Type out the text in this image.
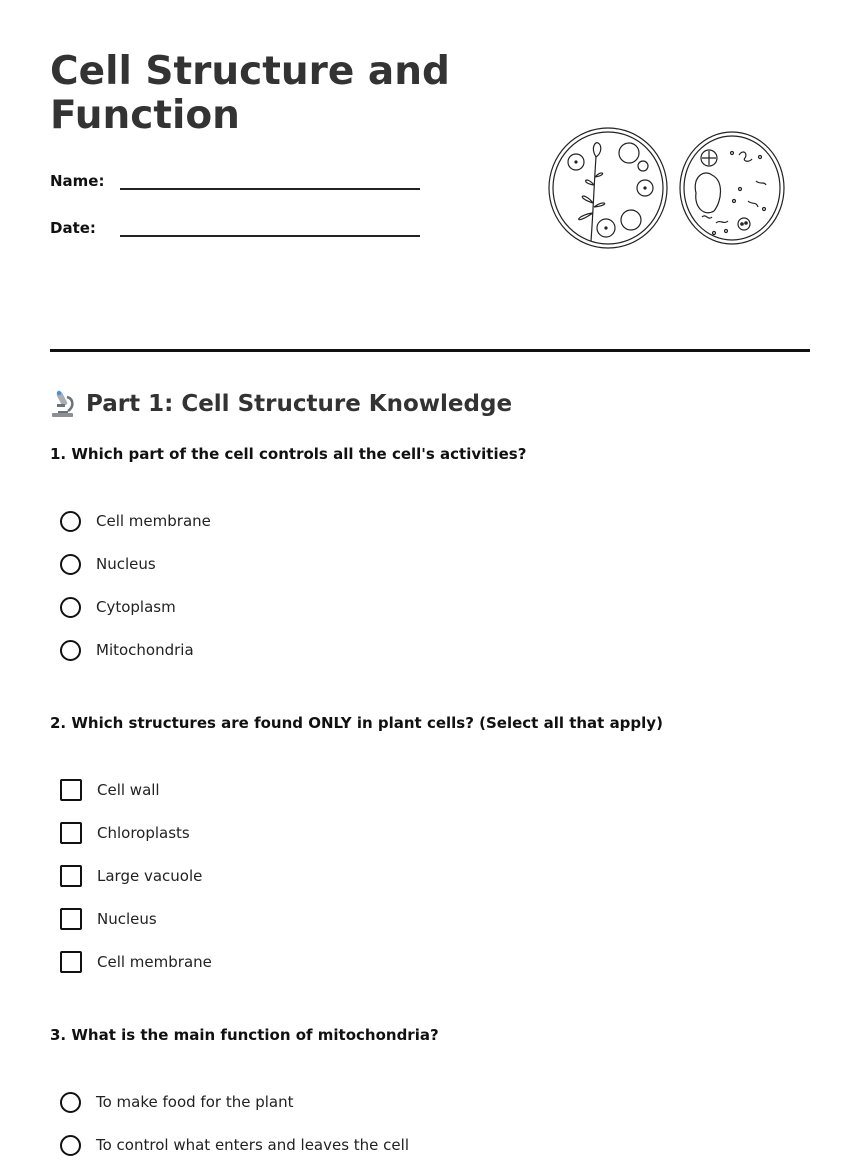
Cell Structure and Function
Name:
Date:
Part 1: Cell Structure Knowledge

1. Which part of the cell controls all the cell's activities?

Cell membrane
Nucleus
Cytoplasm
Mitochondria

2. Which structures are found ONLY in plant cells? (Select all that apply)

Cell wall
Chloroplasts
Large vacuole
Nucleus
Cell membrane

3. What is the main function of mitochondria?

To make food for the plant
To control what enters and leaves the cell
